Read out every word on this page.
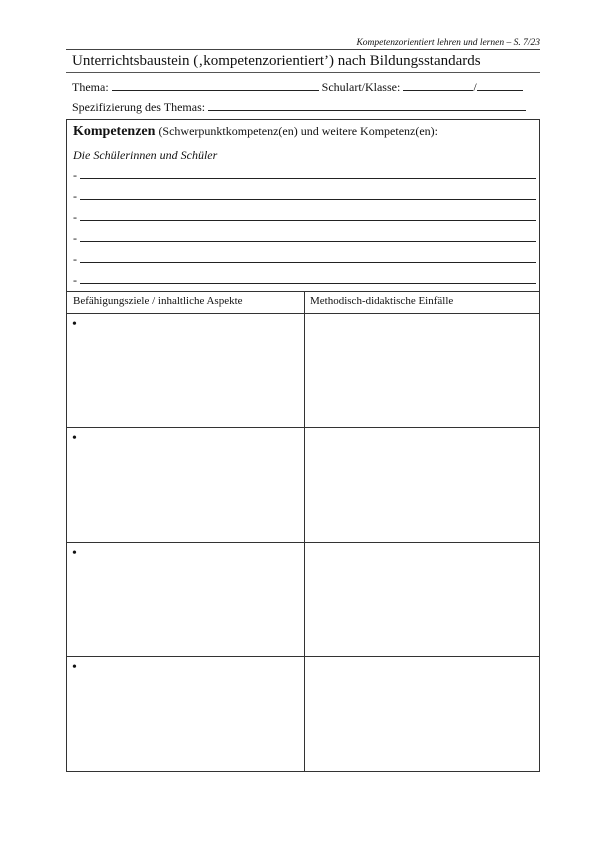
Kompetenzorientiert lehren und lernen – S. 7/23
Unterrichtsbaustein (‚kompetenzorientiert’) nach Bildungsstandards
Thema:	Schulart/Klasse:	/
Spezifizierung des Themas:
Kompetenzen (Schwerpunktkompetenz(en) und weitere Kompetenz(en):
Die Schülerinnen und Schüler
-
-
-
-
-
-
Befähigungsziele / inhaltliche Aspekte	Methodisch-didaktische Einfälle
•
•
•
•
